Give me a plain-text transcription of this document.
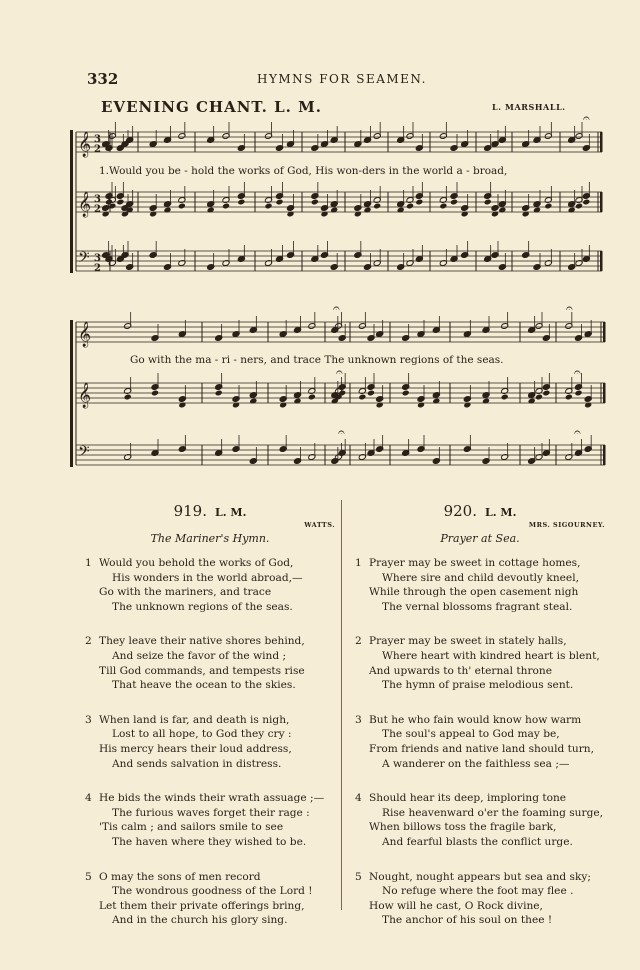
332	HYMNS FOR SEAMEN.
EVENING CHANT. L. M.	L. MARSHALL.
𝄞 3
2
𝄞 3
2
𝄢 3
2
𝄐
𝄞
𝄞
𝄢
𝄐	𝄐
𝄐	𝄐
𝄐	𝄐
1.Would you be - hold the works of God, His won-ders in the world a - broad,
Go with the ma - ri - ners, and trace The unknown regions of the seas.
919. L. M.
WATTS.
The Mariner's Hymn.
1 Would you behold the works of God,
His wonders in the world abroad,—
Go with the mariners, and trace
The unknown regions of the seas.
2 They leave their native shores behind,
And seize the favor of the wind ;
Till God commands, and tempests rise
That heave the ocean to the skies.
3 When land is far, and death is nigh,
Lost to all hope, to God they cry :
His mercy hears their loud address,
And sends salvation in distress.
4 He bids the winds their wrath assuage ;—
The furious waves forget their rage :
'Tis calm ; and sailors smile to see
The haven where they wished to be.
5 O may the sons of men record
The wondrous goodness of the Lord !
Let them their private offerings bring,
And in the church his glory sing.
920. L. M.
MRS. SIGOURNEY.
Prayer at Sea.
1 Prayer may be sweet in cottage homes,
Where sire and child devoutly kneel,
While through the open casement nigh
The vernal blossoms fragrant steal.
2 Prayer may be sweet in stately halls,
Where heart with kindred heart is blent,
And upwards to th' eternal throne
The hymn of praise melodious sent.
3 But he who fain would know how warm
The soul's appeal to God may be,
From friends and native land should turn,
A wanderer on the faithless sea ;—
4 Should hear its deep, imploring tone
Rise heavenward o'er the foaming surge,
When billows toss the fragile bark,
And fearful blasts the conflict urge.
5 Nought, nought appears but sea and sky;
No refuge where the foot may flee .
How will he cast, O Rock divine,
The anchor of his soul on thee !
